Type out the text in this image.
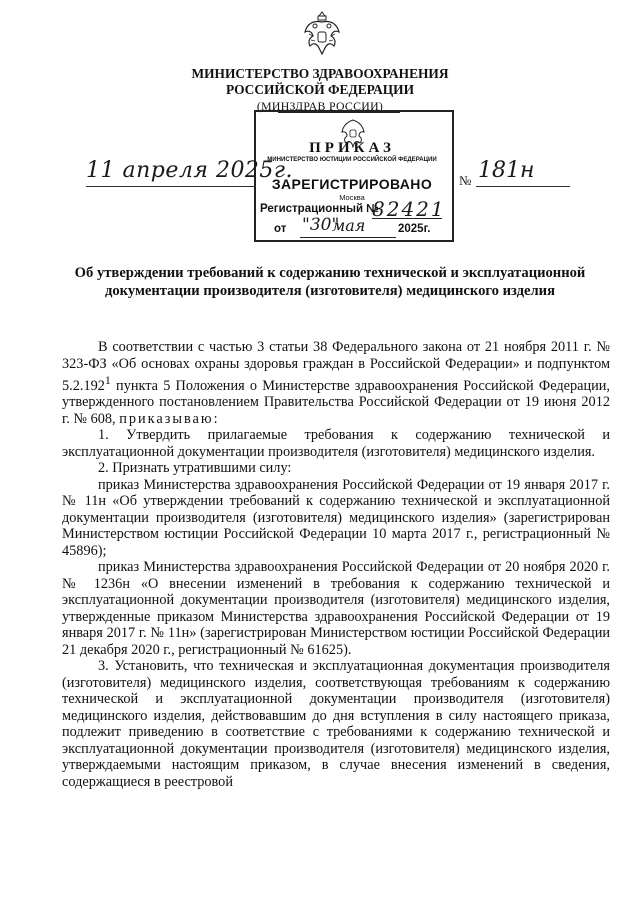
МИНИСТЕРСТВО ЗДРАВООХРАНЕНИЯ
РОССИЙСКОЙ ФЕДЕРАЦИИ
(МИНЗДРАВ РОССИИ)
ПРИКАЗ
МИНИСТЕРСТВО ЮСТИЦИИ РОССИЙСКОЙ ФЕДЕРАЦИИ
ЗАРЕГИСТРИРОВАНО
Москва
Регистрационный №
82421
от "30"
мая	2025г.
11 апреля 2025г.	№ 181н
Об утверждении требований к содержанию технической и эксплуатационной документации производителя (изготовителя) медицинского изделия

В соответствии с частью 3 статьи 38 Федерального закона от 21 ноября 2011 г. № 323-ФЗ «Об основах охраны здоровья граждан в Российской Федерации» и подпунктом 5.2.192$^1$ пункта 5 Положения о Министерстве здравоохранения Российской Федерации, утвержденного постановлением Правительства Российской Федерации от 19 июня 2012 г. № 608, приказываю:

1. Утвердить прилагаемые требования к содержанию технической и эксплуатационной документации производителя (изготовителя) медицинского изделия.

2. Признать утратившими силу:

приказ Министерства здравоохранения Российской Федерации от 19 января 2017 г. № 11н «Об утверждении требований к содержанию технической и эксплуатационной документации производителя (изготовителя) медицинского изделия» (зарегистрирован Министерством юстиции Российской Федерации 10 марта 2017 г., регистрационный № 45896);

приказ Министерства здравоохранения Российской Федерации от 20 ноября 2020 г. № 1236н «О внесении изменений в требования к содержанию технической и эксплуатационной документации производителя (изготовителя) медицинского изделия, утвержденные приказом Министерства здравоохранения Российской Федерации от 19 января 2017 г. № 11н» (зарегистрирован Министерством юстиции Российской Федерации 21 декабря 2020 г., регистрационный № 61625).

3. Установить, что техническая и эксплуатационная документация производителя (изготовителя) медицинского изделия, соответствующая требованиям к содержанию технической и эксплуатационной документации производителя (изготовителя) медицинского изделия, действовавшим до дня вступления в силу настоящего приказа, подлежит приведению в соответствие с требованиями к содержанию технической и эксплуатационной документации производителя (изготовителя) медицинского изделия, утверждаемыми настоящим приказом, в случае внесения изменений в сведения, содержащиеся в реестровой
